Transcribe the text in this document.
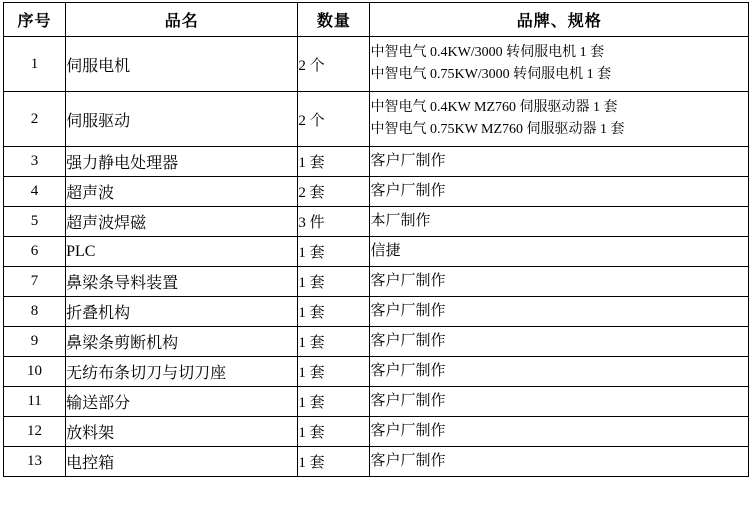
序号	品名	数量	品牌、规格
1	伺服电机	2 个	中智电气 0.4KW/3000 转伺服电机 1 套
中智电气 0.75KW/3000 转伺服电机 1 套

2	伺服驱动	2 个	中智电气 0.4KW MZ760 伺服驱动器 1 套
中智电气 0.75KW MZ760 伺服驱动器 1 套

3	强力静电处理器	1 套	客户厂制作

4	超声波	2 套	客户厂制作

5	超声波焊磁	3 件	本厂制作

6	PLC	1 套	信捷

7	鼻梁条导料装置	1 套	客户厂制作

8	折叠机构	1 套	客户厂制作

9	鼻梁条剪断机构	1 套	客户厂制作

10	无纺布条切刀与切刀座	1 套	客户厂制作

11	输送部分	1 套	客户厂制作

12	放料架	1 套	客户厂制作

13	电控箱	1 套	客户厂制作
